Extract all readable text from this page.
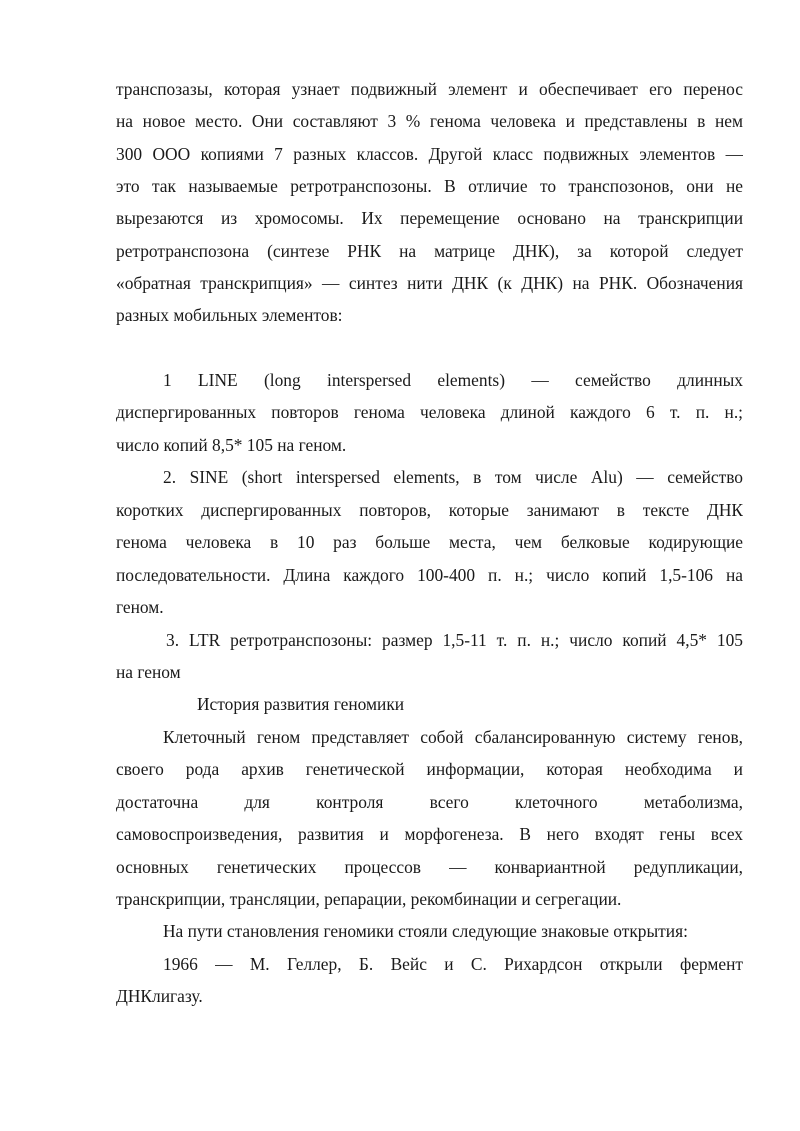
транспозазы, которая узнает подвижный элемент и обеспечивает его перенос
на новое место. Они составляют 3 % генома человека и представлены в нем
300 ООО копиями 7 разных классов. Другой класс подвижных элементов —
это так называемые ретротранспозоны. В отличие то транспозонов, они не
вырезаются из хромосомы. Их перемещение основано на транскрипции
ретротранспозона (синтезе РНК на матрице ДНК), за которой следует
«обратная транскрипция» — синтез нити ДНК (к ДНК) на РНК. Обозначения
разных мобильных элементов:
1 LINE (long interspersed elements) — семейство длинных
диспергированных повторов генома человека длиной каждого 6 т. п. н.;
число копий 8,5* 105 на геном.
2. SINE (short interspersed elements, в том числе Alu) — семейство
коротких диспергированных повторов, которые занимают в тексте ДНК
генома человека в 10 раз больше места, чем белковые кодирующие
последовательности. Длина каждого 100-400 п. н.; число копий 1,5-106 на
геном.
3. LTR ретротранспозоны: размер 1,5-11 т. п. н.; число копий 4,5* 105
на геном
История развития геномики
Клеточный геном представляет собой сбалансированную систему генов,
своего рода архив генетической информации, которая необходима и
достаточна для контроля всего клеточного метаболизма,
самовоспроизведения, развития и морфогенеза. В него входят гены всех
основных генетических процессов — конвариантной редупликации,
транскрипции, трансляции, репарации, рекомбинации и сегрегации.
На пути становления геномики стояли следующие знаковые открытия:
1966 — М. Геллер, Б. Вейс и С. Рихардсон открыли фермент
ДНКлигазу.
